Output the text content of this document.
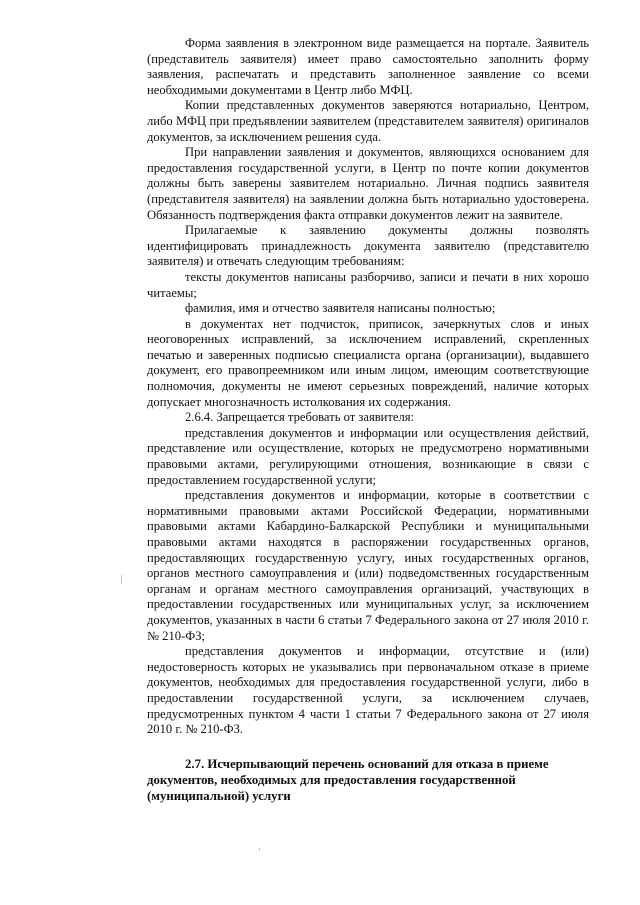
Форма заявления в электронном виде размещается на портале. Заявитель (представитель заявителя) имеет право самостоятельно заполнить форму заявления, распечатать и представить заполненное заявление со всеми необходимыми документами в Центр либо МФЦ.

Копии представленных документов заверяются нотариально, Центром, либо МФЦ при предъявлении заявителем (представителем заявителя) оригиналов документов, за исключением решения суда.

При направлении заявления и документов, являющихся основанием для предоставления государственной услуги, в Центр по почте копии документов должны быть заверены заявителем нотариально. Личная подпись заявителя (представителя заявителя) на заявлении должна быть нотариально удостоверена. Обязанность подтверждения факта отправки документов лежит на заявителе.

Прилагаемые к заявлению документы должны позволять идентифицировать принадлежность документа заявителю (представителю заявителя) и отвечать следующим требованиям:

тексты документов написаны разборчиво, записи и печати в них хорошо читаемы;

фамилия, имя и отчество заявителя написаны полностью;

в документах нет подчисток, приписок, зачеркнутых слов и иных неоговоренных исправлений, за исключением исправлений, скрепленных печатью и заверенных подписью специалиста органа (организации), выдавшего документ, его правопреемником или иным лицом, имеющим соответствующие полномочия, документы не имеют серьезных повреждений, наличие которых допускает многозначность истолкования их содержания.

2.6.4. Запрещается требовать от заявителя:

представления документов и информации или осуществления действий, представление или осуществление, которых не предусмотрено нормативными правовыми актами, регулирующими отношения, возникающие в связи с предоставлением государственной услуги;

представления документов и информации, которые в соответствии с нормативными правовыми актами Российской Федерации, нормативными правовыми актами Кабардино-Балкарской Республики и муниципальными правовыми актами находятся в распоряжении государственных органов, предоставляющих государственную услугу, иных государственных органов, органов местного самоуправления и (или) подведомственных государственным органам и органам местного самоуправления организаций, участвующих в предоставлении государственных или муниципальных услуг, за исключением документов, указанных в части 6 статьи 7 Федерального закона от 27 июля 2010 г. № 210-ФЗ;

представления документов и информации, отсутствие и (или) недостоверность которых не указывались при первоначальном отказе в приеме документов, необходимых для предоставления государственной услуги, либо в предоставлении государственной услуги, за исключением случаев, предусмотренных пунктом 4 части 1 статьи 7 Федерального закона от 27 июля 2010 г. № 210-ФЗ.

2.7. Исчерпывающий перечень оснований для отказа в приеме документов, необходимых для предоставления государственной (муниципальной) услуги
